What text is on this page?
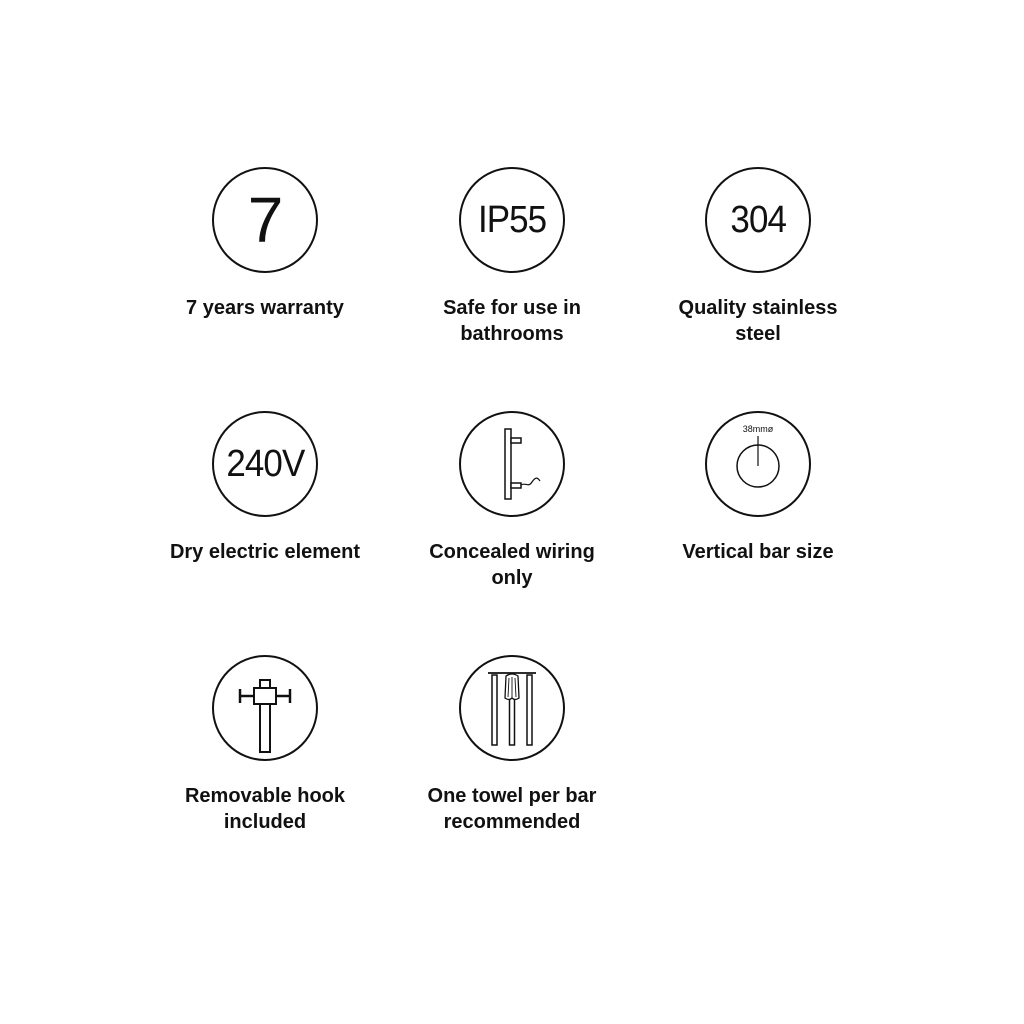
7
7 years warranty
IP55
Safe for use in
bathrooms
304
Quality stainless
steel
240V
Dry electric element	Concealed wiring
only
38mmø
Vertical bar size
Removable hook
included
One towel per bar
recommended
